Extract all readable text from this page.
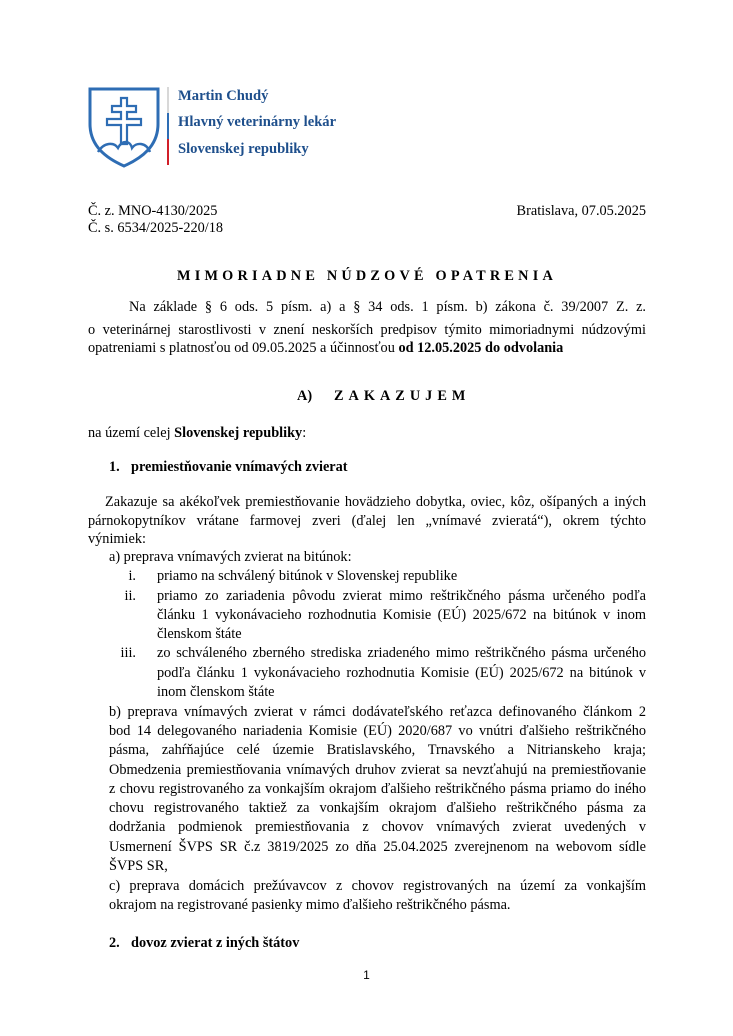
Martin Chudý
Hlavný veterinárny lekár
Slovenskej republiky
Č. z. MNO-4130/2025
Č. s. 6534/2025-220/18
Bratislava, 07.05.2025
MIMORIADNE NÚDZOVÉ OPATRENIA
Na základe § 6 ods. 5 písm. a) a § 34 ods. 1 písm. b) zákona č. 39/2007 Z. z.
o veterinárnej starostlivosti v znení neskorších predpisov týmito mimoriadnymi núdzovými
opatreniami s platnosťou od 09.05.2025 a účinnosťou od 12.05.2025 do odvolania
A) ZAKAZUJEM
na území celej Slovenskej republiky:
1. premiestňovanie vnímavých zvierat
Zakazuje sa akékoľvek premiestňovanie hovädzieho dobytka, oviec, kôz, ošípaných a iných
párnokopytníkov vrátane farmovej zveri (ďalej len „vnímavé zvieratá“), okrem týchto
výnimiek:
a) preprava vnímavých zvierat na bitúnok:
i. priamo na schválený bitúnok v Slovenskej republike
ii. priamo zo zariadenia pôvodu zvierat mimo reštrikčného pásma určeného podľa
článku 1 vykonávacieho rozhodnutia Komisie (EÚ) 2025/672 na bitúnok v inom
členskom štáte
iii. zo schváleného zberného strediska zriadeného mimo reštrikčného pásma určeného
podľa článku 1 vykonávacieho rozhodnutia Komisie (EÚ) 2025/672 na bitúnok v
inom členskom štáte
b) preprava vnímavých zvierat v rámci dodávateľského reťazca definovaného článkom 2
bod 14 delegovaného nariadenia Komisie (EÚ) 2020/687 vo vnútri ďalšieho reštrikčného
pásma, zahŕňajúce celé územie Bratislavského, Trnavského a Nitrianskeho kraja;
Obmedzenia premiestňovania vnímavých druhov zvierat sa nevzťahujú na premiestňovanie
z chovu registrovaného za vonkajším okrajom ďalšieho reštrikčného pásma priamo do iného
chovu registrovaného taktiež za vonkajším okrajom ďalšieho reštrikčného pásma za
dodržania podmienok premiestňovania z chovov vnímavých zvierat uvedených v
Usmernení ŠVPS SR č.z 3819/2025 zo dňa 25.04.2025 zverejnenom na webovom sídle
ŠVPS SR,
c) preprava domácich prežúvavcov z chovov registrovaných na území za vonkajším
okrajom na registrované pasienky mimo ďalšieho reštrikčného pásma.
2. dovoz zvierat z iných štátov
1
